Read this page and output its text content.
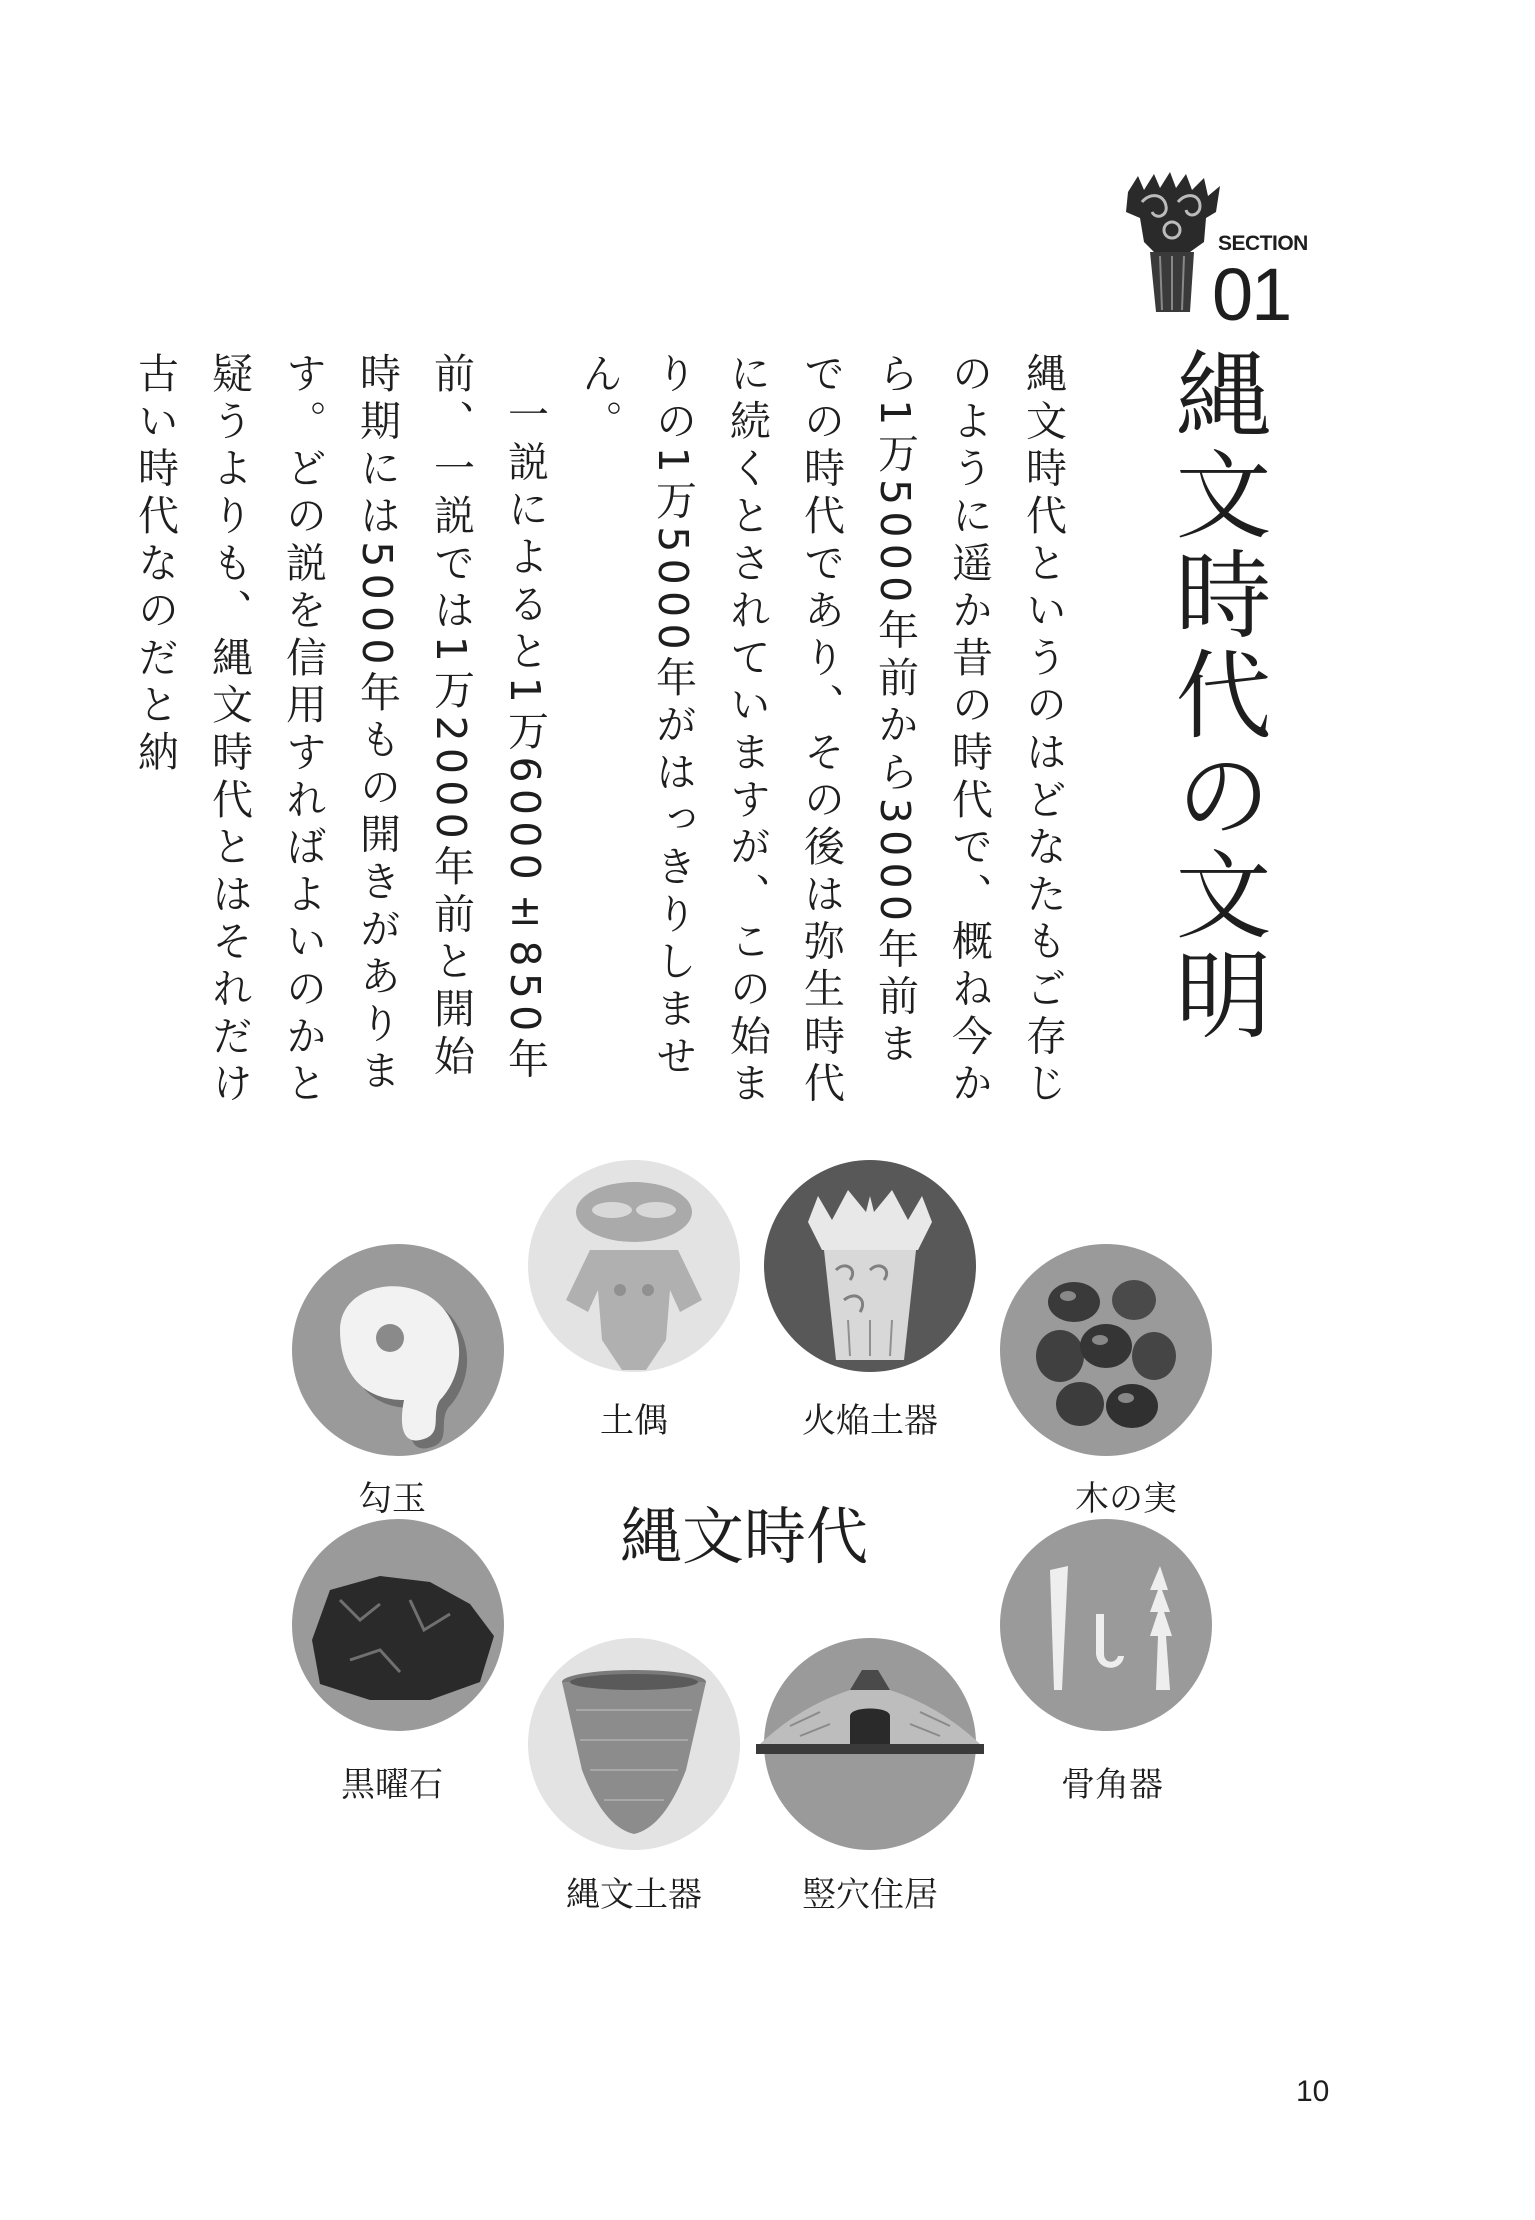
SECTION
01
縄文時代の文明

縄文時代というのはどなたもご存じのように遥か昔の時代で、概ね今から1万5000年前から3000年前までの時代であり、その後は弥生時代に続くとされていますが、この始まりの1万5000年がはっきりしません。

一説によると1万6000±850年前、一説では1万2000年前と開始時期には5000年もの開きがあります。どの説を信用すればよいのかと疑うよりも、縄文時代とはそれだけ古い時代なのだと納

勾玉
土偶	火焔土器
木の実
縄文時代
黒曜石
縄文土器	竪穴住居
骨角器
10
